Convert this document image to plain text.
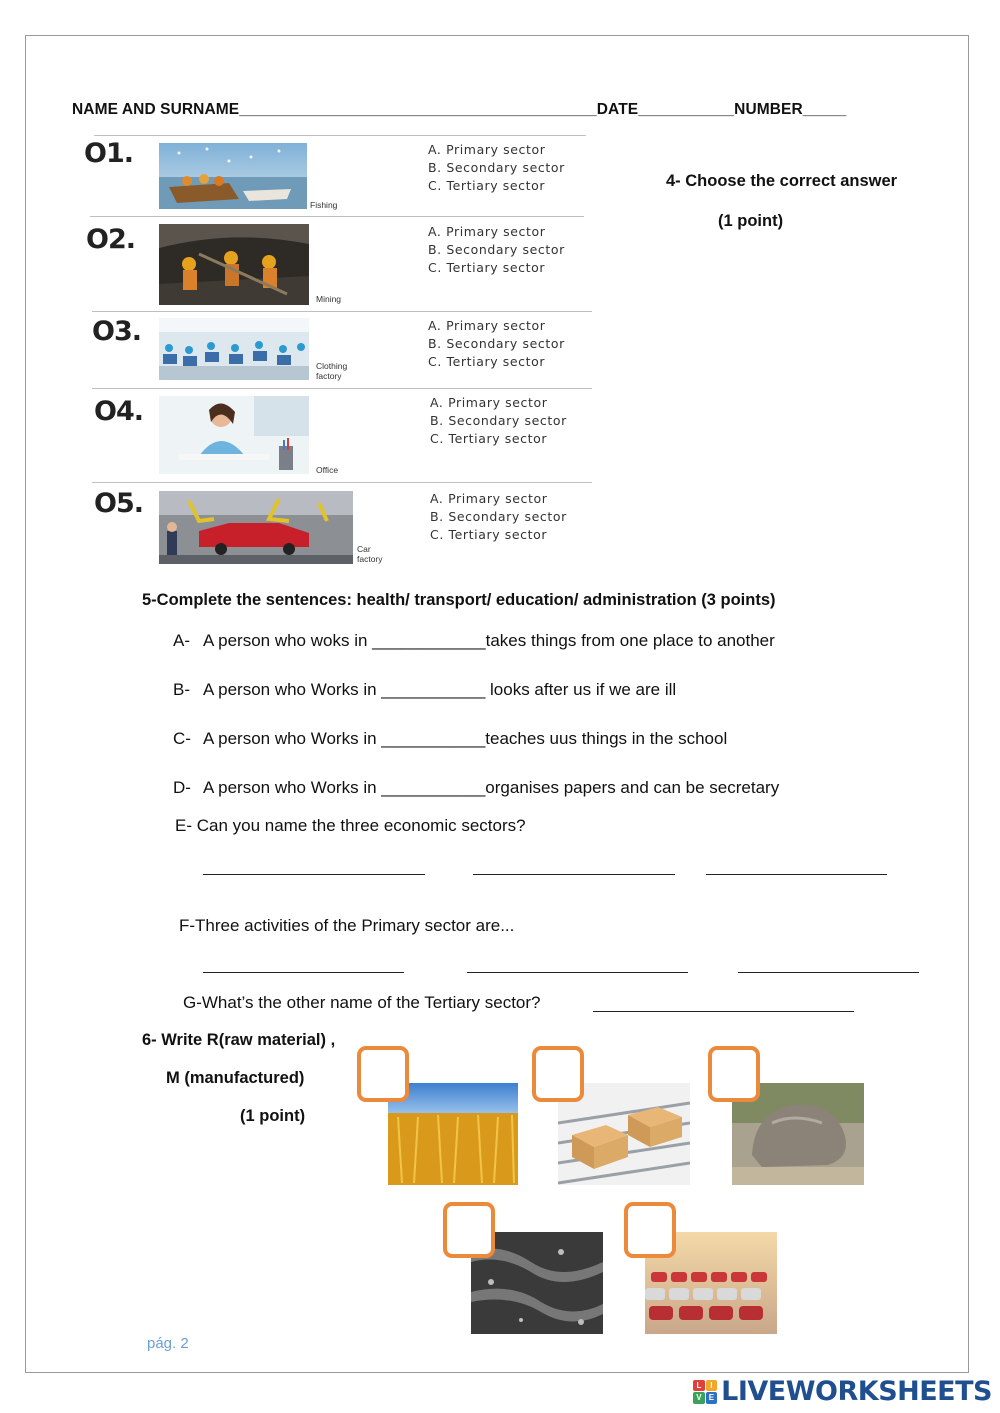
NAME AND SURNAME_________________________________________DATE___________NUMBER_____
O1.
Fishing
A. Primary sector
B. Secondary sector
C. Tertiary sector
O2.
Mining
A. Primary sector
B. Secondary sector
C. Tertiary sector
O3.
Clothing
factory
A. Primary sector
B. Secondary sector
C. Tertiary sector
O4.
Office
A. Primary sector
B. Secondary sector
C. Tertiary sector
O5.
Car
factory
A. Primary sector
B. Secondary sector
C. Tertiary sector
4- Choose the correct answer
(1 point)
5-Complete the sentences: health/ transport/ education/ administration (3 points)
A- A person who woks in ____________takes things from one place to another
B- A person who Works in ___________ looks after us if we are ill
C- A person who Works in ___________teaches uus things in the school
D- A person who Works in ___________organises papers and can be secretary
E- Can you name the three economic sectors?
F-Three activities of the Primary sector are...
G-What’s the other name of the Tertiary sector?
6- Write R(raw material) ,
M (manufactured)
(1 point)
pág. 2
L	I
V E LIVEWORKSHEETS
